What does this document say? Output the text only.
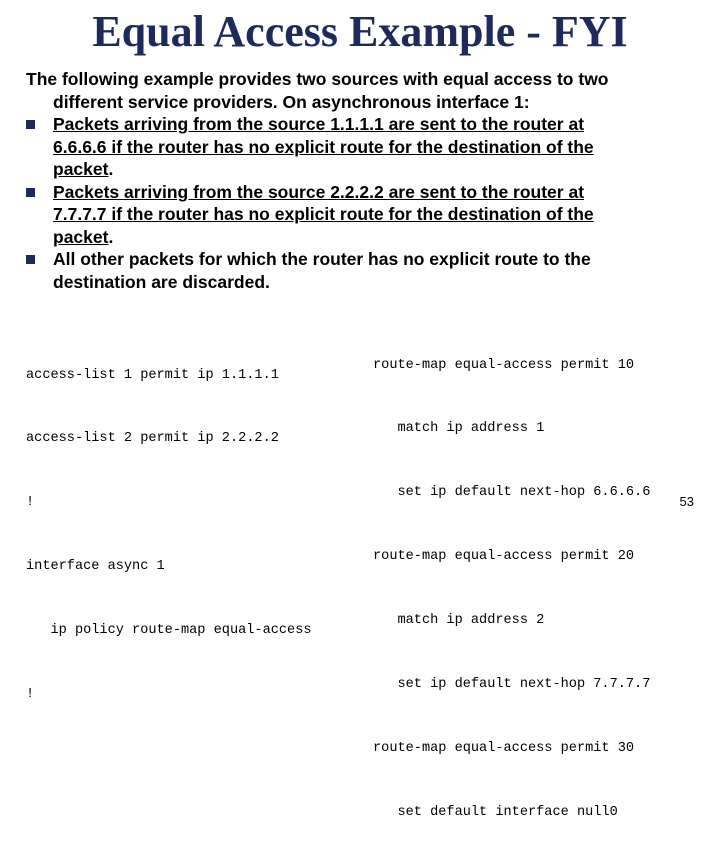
Equal Access Example - FYI
The following example provides two sources with equal access to two
different service providers. On asynchronous interface 1:
Packets arriving from the source 1.1.1.1 are sent to the router at
6.6.6.6 if the router has no explicit route for the destination of the
packet.
Packets arriving from the source 2.2.2.2 are sent to the router at
7.7.7.7 if the router has no explicit route for the destination of the
packet.
All other packets for which the router has no explicit route to the
destination are discarded.

access-list 1 permit ip 1.1.1.1

access-list 2 permit ip 2.2.2.2

!

interface async 1

ip policy route-map equal-access

!

route-map equal-access permit 10

match ip address 1

set ip default next-hop 6.6.6.6

route-map equal-access permit 20

match ip address 2

set ip default next-hop 7.7.7.7

route-map equal-access permit 30

set default interface null0

53
